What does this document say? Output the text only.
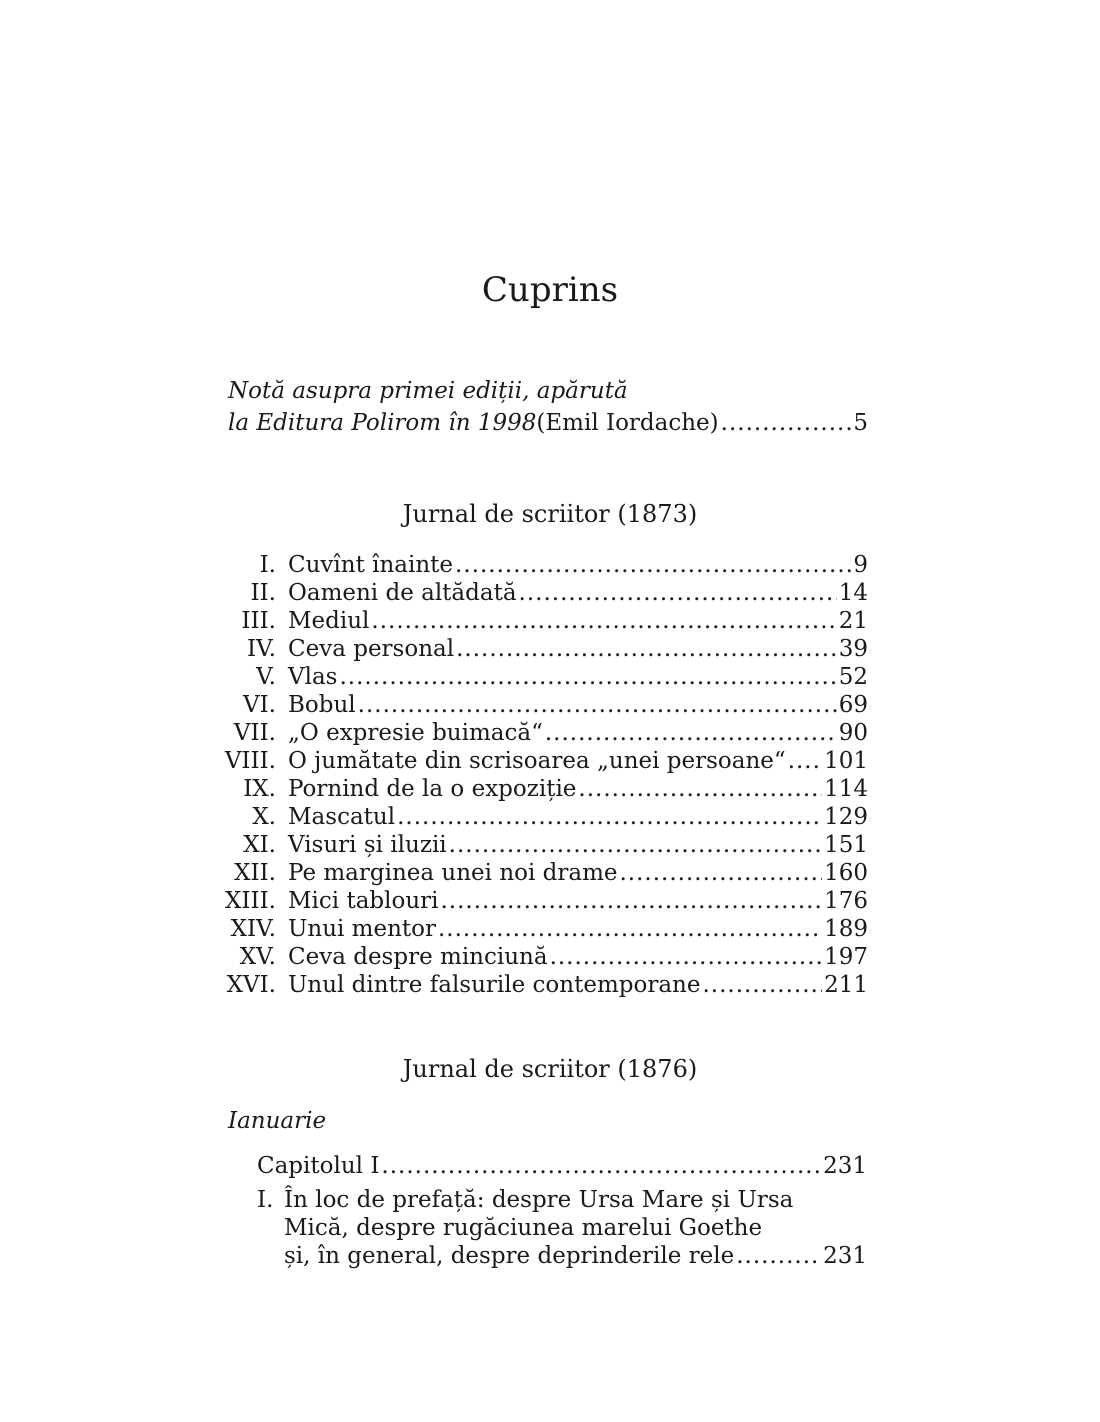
Cuprins
Notă asupra primei ediții, apărută
la Editura Polirom în 1998 (Emil Iordache) .....	5
Jurnal de scriitor (1873)
I. Cuvînt înainte .....	9
II. Oameni de altădată .....	14
III. Mediul .....	21
IV. Ceva personal .....	39
V. Vlas .....	52
VI. Bobul .....	69
VII. „O expresie buimacă“ .....	90
VIII. O jumătate din scrisoarea „unei persoane“ ..... 101
IX. Pornind de la o expoziție .....	114
X. Mascatul .....	129
XI. Visuri și iluzii .....	151
XII. Pe marginea unei noi drame .....	160
XIII. Mici tablouri .....	176
XIV. Unui mentor .....	189
XV. Ceva despre minciună .....	197
XVI. Unul dintre falsurile contemporane .....	211
Jurnal de scriitor (1876)
Ianuarie
Capitolul I .....	231
I. În loc de prefață: despre Ursa Mare și Ursa
Mică, despre rugăciunea marelui Goethe
și, în general, despre deprinderile rele .....	231
